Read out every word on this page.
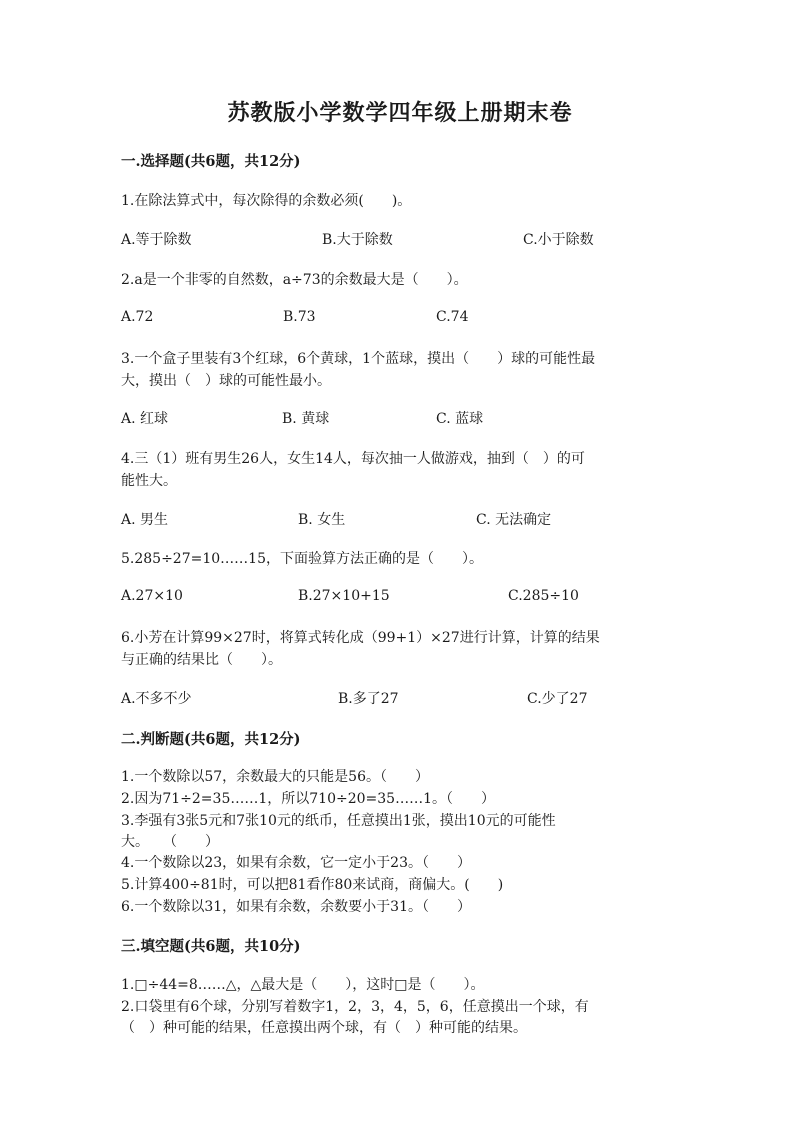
苏教版小学数学四年级上册期末卷
一.选择题(共6题，共12分)
1.在除法算式中，每次除得的余数必须(　　)。
A.等于除数	B.大于除数	C.小于除数
2.a是一个非零的自然数，a÷73的余数最大是（　　）。
A.72	B.73	C.74
3.一个盒子里装有3个红球，6个黄球，1个蓝球，摸出（　　）球的可能性最
大，摸出（　）球的可能性最小。
A. 红球	B. 黄球	C. 蓝球
4.三（1）班有男生26人，女生14人，每次抽一人做游戏，抽到（　）的可
能性大。
A. 男生	B. 女生	C. 无法确定
5.285÷27=10……15，下面验算方法正确的是（　　）。
A.27×10	B.27×10+15	C.285÷10
6.小芳在计算99×27时，将算式转化成（99+1）×27进行计算，计算的结果
与正确的结果比（　　）。
A.不多不少	B.多了27	C.少了27
二.判断题(共6题，共12分)
1.一个数除以57，余数最大的只能是56。（　　）
2.因为71÷2=35……1，所以710÷20=35……1。（　　）
3.李强有3张5元和7张10元的纸币，任意摸出1张，摸出10元的可能性
大。　　（　　）
4.一个数除以23，如果有余数，它一定小于23。（　　）
5.计算400÷81时，可以把81看作80来试商，商偏大。(　　)
6.一个数除以31，如果有余数，余数要小于31。（　　）
三.填空题(共6题，共10分)
1.□÷44=8……△，△最大是（　　），这时□是（　　）。
2.口袋里有6个球，分别写着数字1，2，3，4，5，6，任意摸出一个球，有
（　）种可能的结果，任意摸出两个球，有（　）种可能的结果。
